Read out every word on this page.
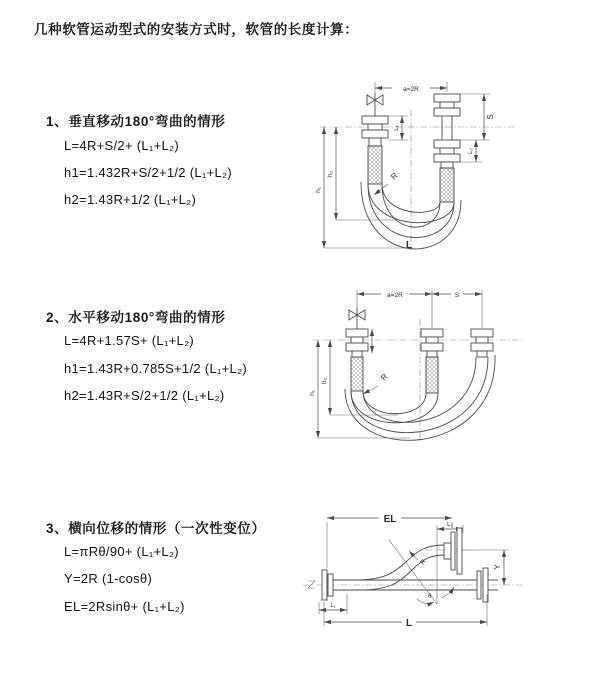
几种软管运动型式的安装方式时，软管的长度计算：
1、垂直移动180°弯曲的情形
L=4R+S/2+ (L₁+L₂)
h1=1.432R+S/2+1/2 (L₁+L₂)
h2=1.43R+1/2 (L₁+L₂)
2、水平移动180°弯曲的情形
L=4R+1.57S+ (L₁+L₂)
h1=1.43R+0.785S+1/2 (L₁+L₂)
h2=1.43R+S/2+1/2 (L₁+L₂)
3、横向位移的情形（一次性变位）
L=πRθ/90+ (L₁+L₂)
Y=2R (1-cosθ)
EL=2Rsinθ+ (L₁+L₂)
a=2R
h₁
h₂
L₁
S
L₂
R
L
a=2R	S
h₁
h₂	R
EL	L₂
θ
R
Y
L₁
L
